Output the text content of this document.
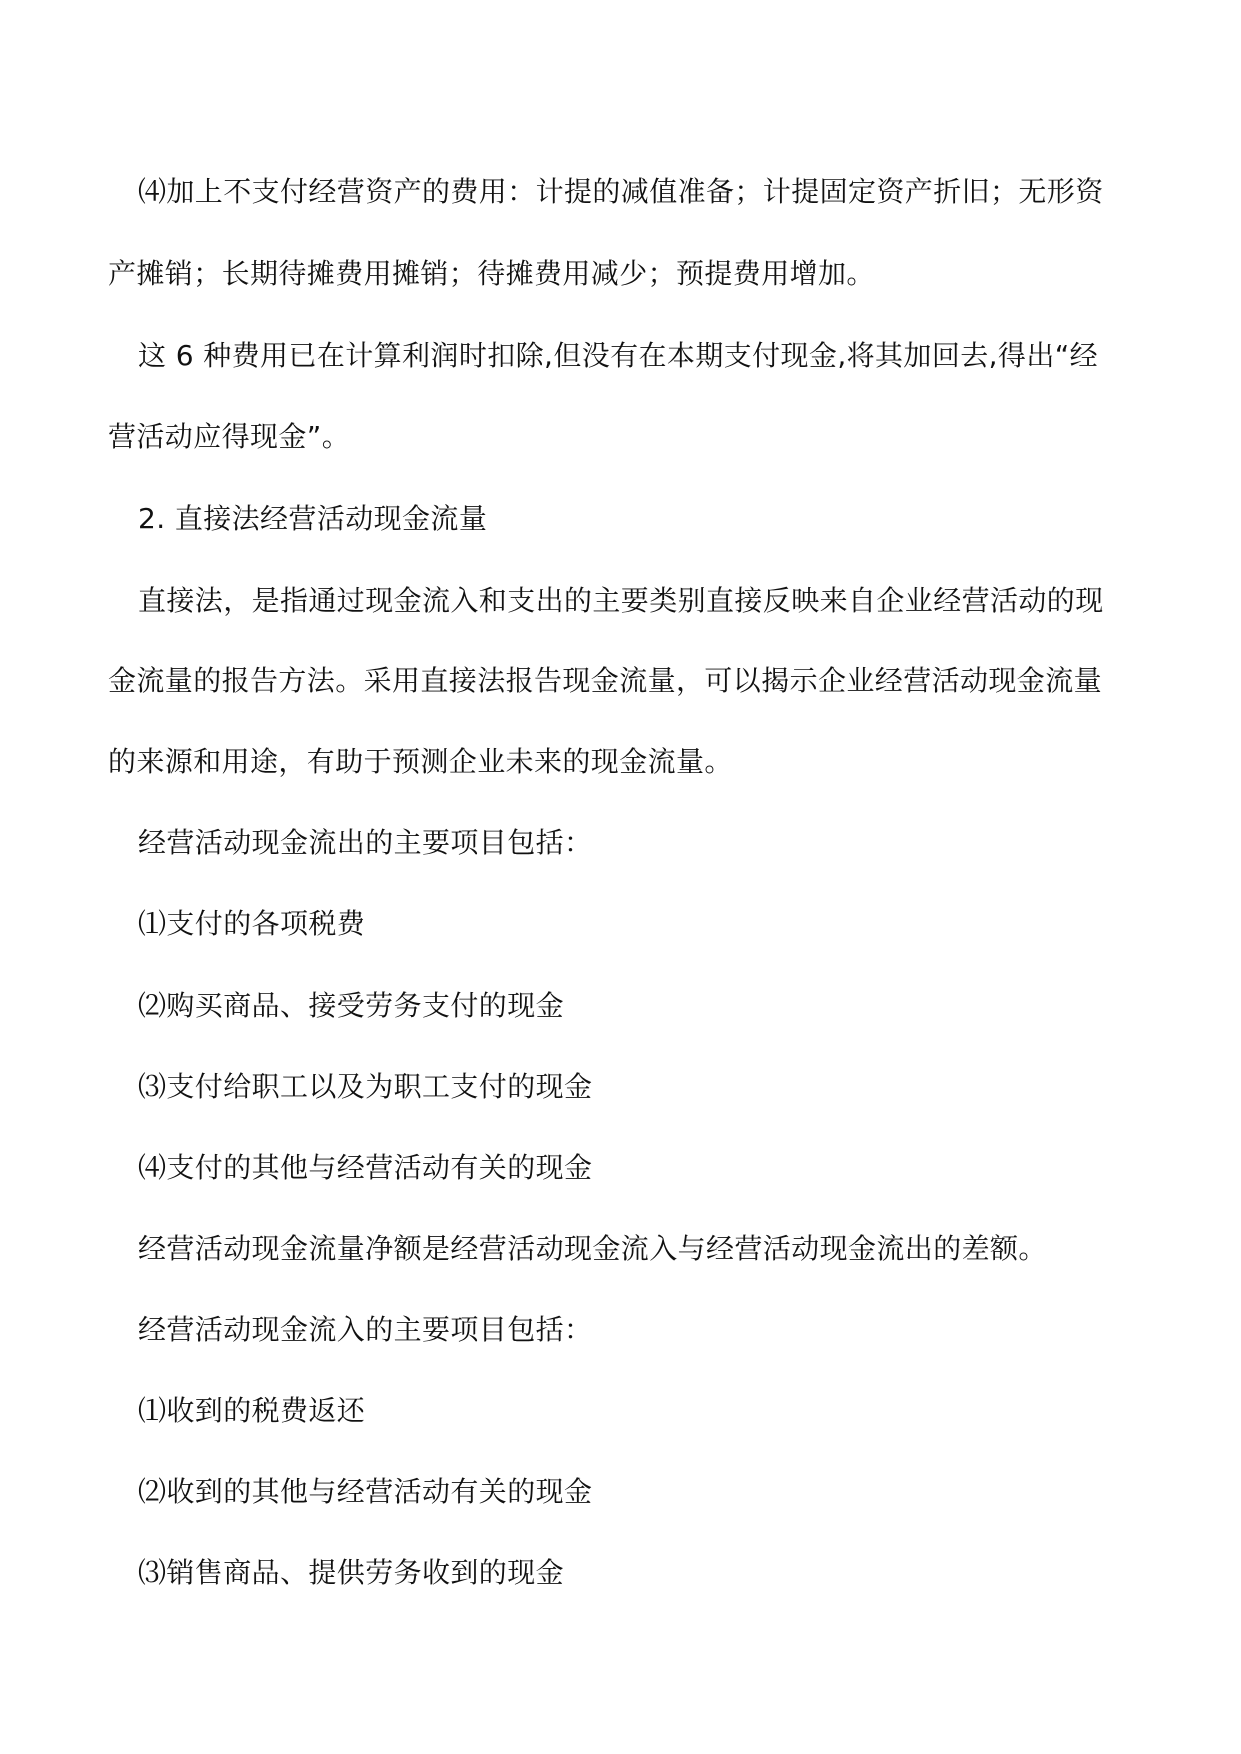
⑷加上不支付经营资产的费用：计提的减值准备；计提固定资产折旧；无形资

产摊销；长期待摊费用摊销；待摊费用减少；预提费用增加。

这 6 种费用已在计算利润时扣除,但没有在本期支付现金,将其加回去,得出“经

营活动应得现金”。

2. 直接法经营活动现金流量

直接法，是指通过现金流入和支出的主要类别直接反映来自企业经营活动的现

金流量的报告方法。采用直接法报告现金流量，可以揭示企业经营活动现金流量

的来源和用途，有助于预测企业未来的现金流量。

经营活动现金流出的主要项目包括：

⑴支付的各项税费

⑵购买商品、接受劳务支付的现金

⑶支付给职工以及为职工支付的现金

⑷支付的其他与经营活动有关的现金

经营活动现金流量净额是经营活动现金流入与经营活动现金流出的差额。

经营活动现金流入的主要项目包括：

⑴收到的税费返还

⑵收到的其他与经营活动有关的现金

⑶销售商品、提供劳务收到的现金
